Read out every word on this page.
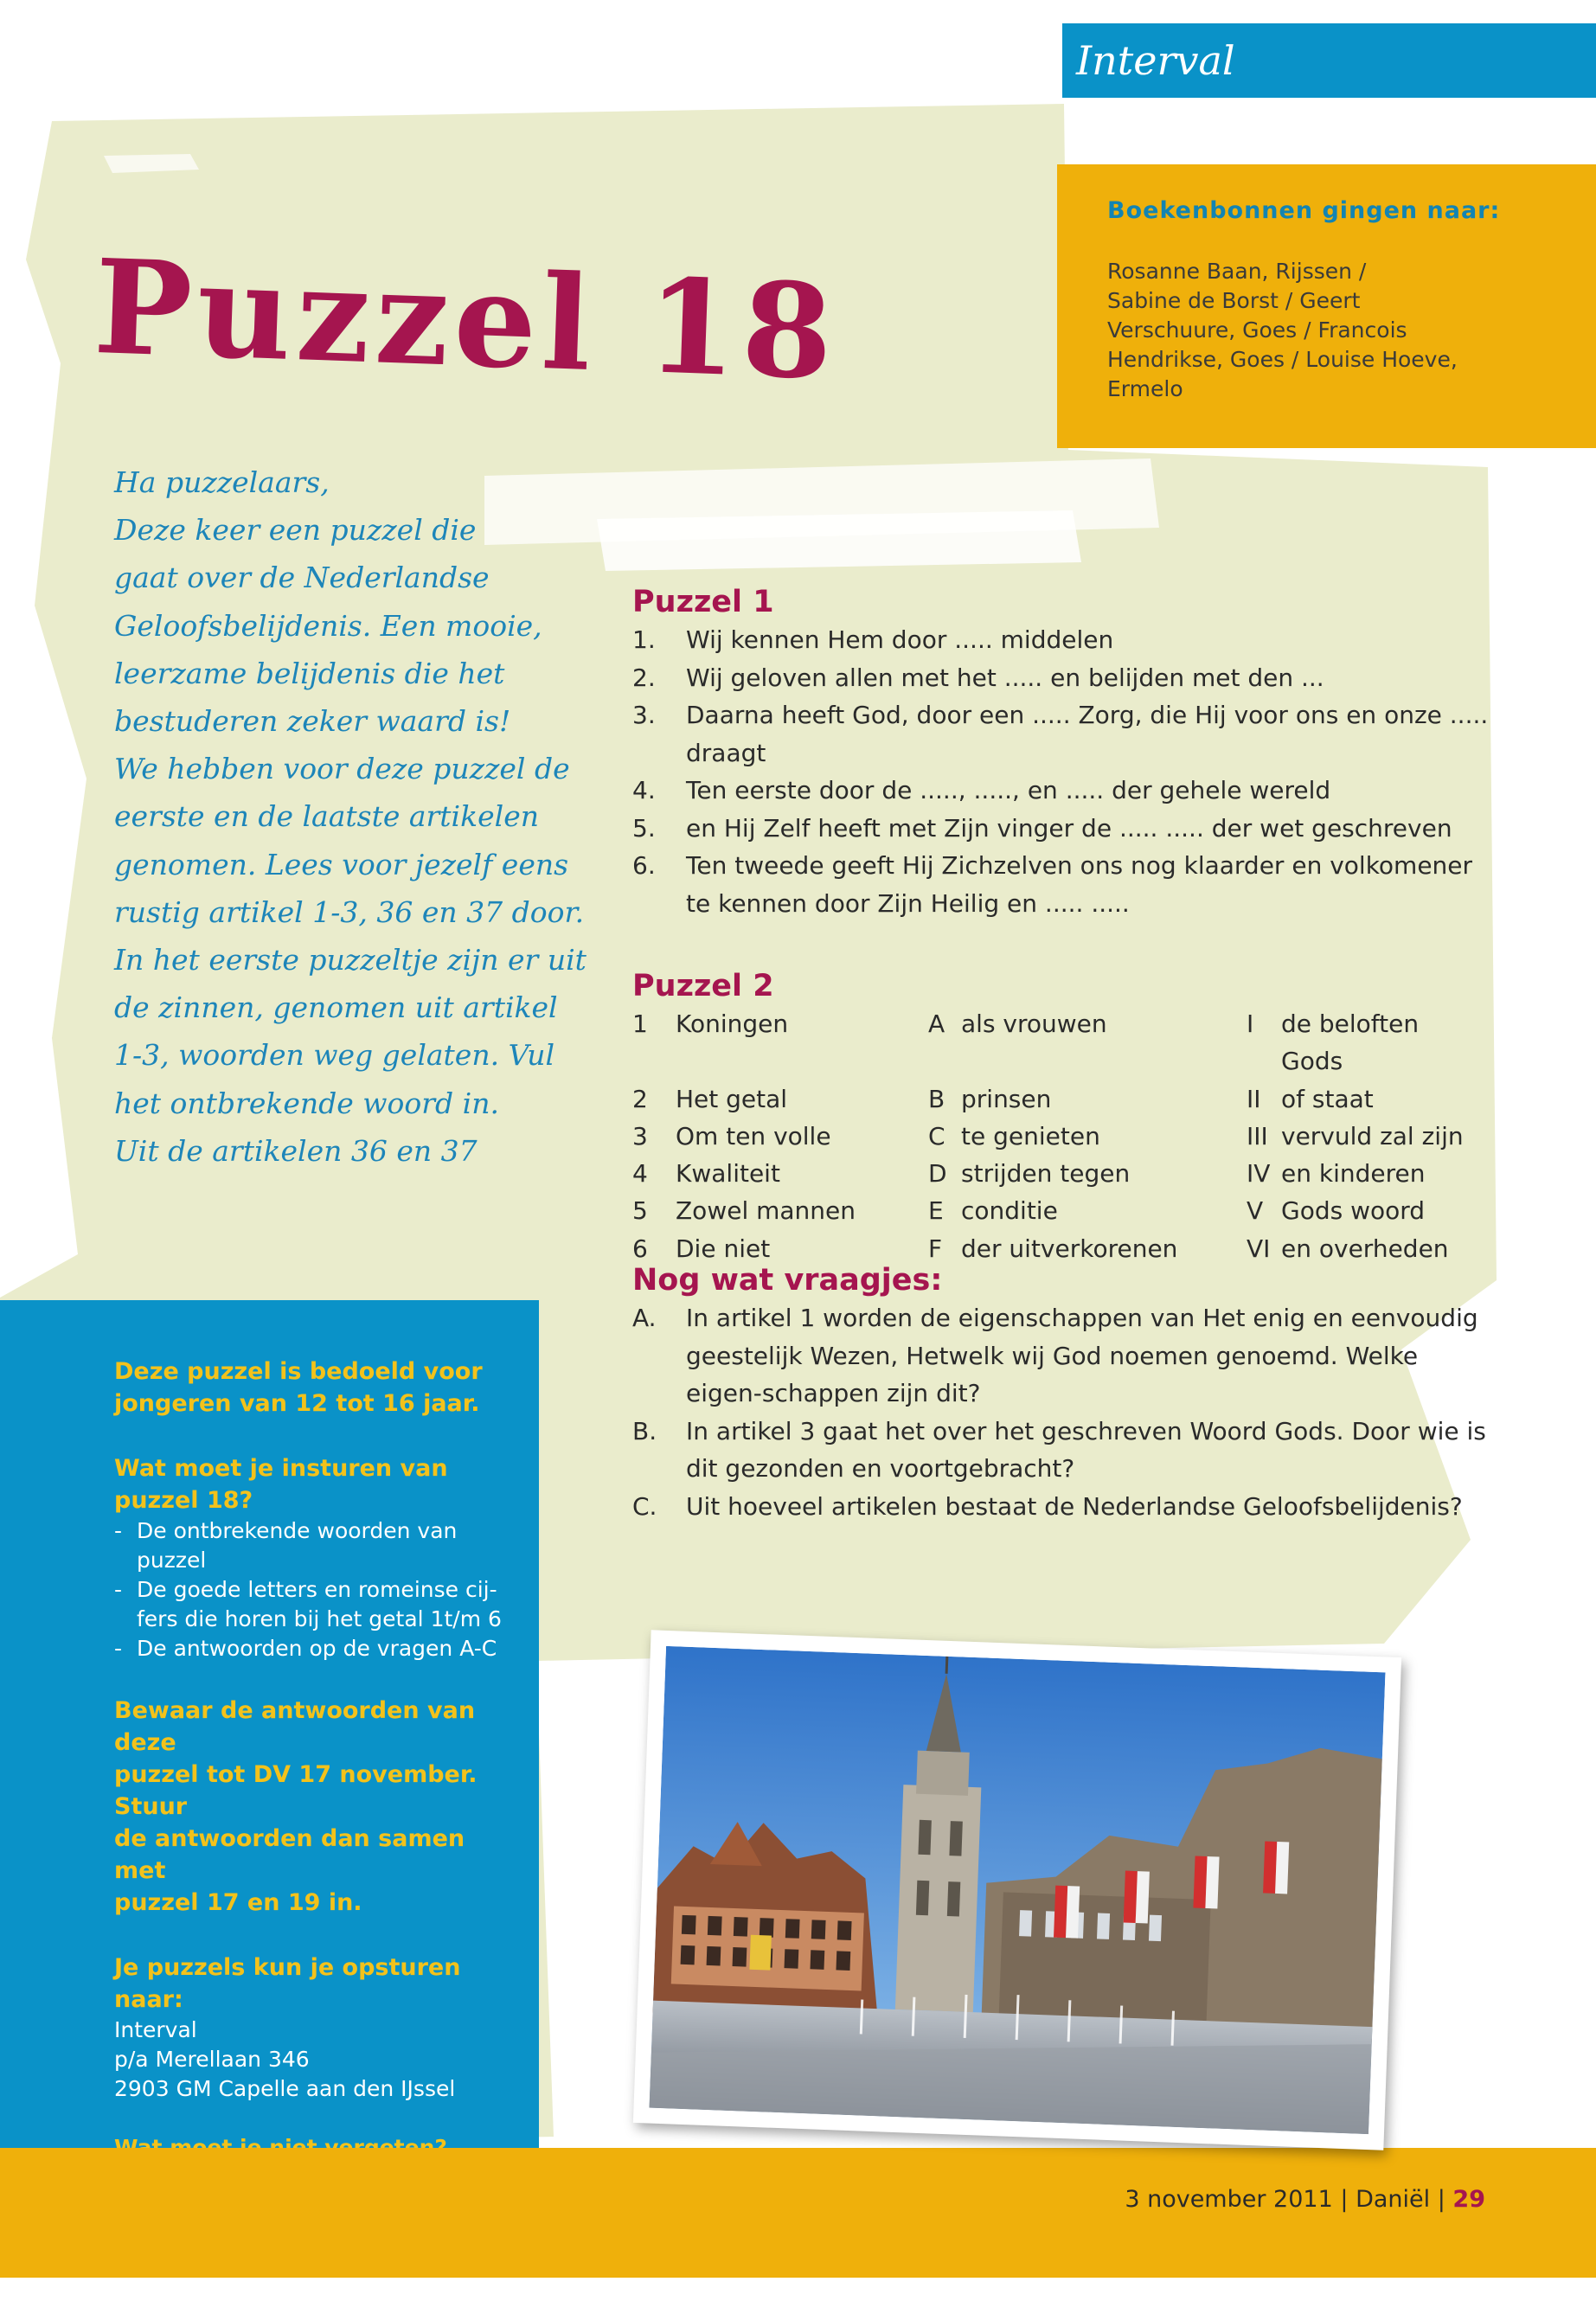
Interval
Boekenbonnen gingen naar:

Rosanne Baan, Rijssen /
Sabine de Borst / Geert
Verschuure, Goes / Francois
Hendrikse, Goes / Louise Hoeve,
Ermelo

Puzzel 18
Ha puzzelaars,
Deze keer een puzzel die
gaat over de Nederlandse
Geloofsbelijdenis. Een mooie,
leerzame belijdenis die het
bestuderen zeker waard is!
We hebben voor deze puzzel de
eerste en de laatste artikelen
genomen. Lees voor jezelf eens
rustig artikel 1-3, 36 en 37 door.
In het eerste puzzeltje zijn er uit
de zinnen, genomen uit artikel
1-3, woorden weg gelaten. Vul
het ontbrekende woord in.
Uit de artikelen 36 en 37
Puzzel 1
1. Wij kennen Hem door ..... middelen
2. Wij geloven allen met het ..... en belijden met den ...
3. Daarna heeft God, door een ..... Zorg, die Hij voor ons en onze ..... draagt
4. Ten eerste door de ....., ....., en ..... der gehele wereld
5. en Hij Zelf heeft met Zijn vinger de ..... ..... der wet geschreven
6. Ten tweede geeft Hij Zichzelven ons nog klaarder en volkomener te kennen door Zijn Heilig en ..... .....
Puzzel 2
1	Koningen	A als vrouwen	I	de beloften Gods
2	Het getal	B prinsen	II of staat
3	Om ten volle	C te genieten	III vervuld zal zijn
4	Kwaliteit	D strijden tegen	IV en kinderen
5	Zowel mannen	E conditie	V Gods woord
6	Die niet	F der uitverkorenen	VI en overheden
Nog wat vraagjes:
A. In artikel 1 worden de eigenschappen van Het enig en eenvoudig geestelijk Wezen, Hetwelk wij God noemen genoemd. Welke eigen-schappen zijn dit?
B. In artikel 3 gaat het over het geschreven Woord Gods. Door wie is dit gezonden en voortgebracht?
C. Uit hoeveel artikelen bestaat de Nederlandse Geloofsbelijdenis?
Deze puzzel is bedoeld voor
jongeren van 12 tot 16 jaar.
Wat moet je insturen van
puzzel 18?
- De ontbrekende woorden van
puzzel
- De goede letters en romeinse cij-
fers die horen bij het getal 1t/m 6
- De antwoorden op de vragen A-C
Bewaar de antwoorden van deze
puzzel tot DV 17 november. Stuur
de antwoorden dan samen met
puzzel 17 en 19 in.
Je puzzels kun je opsturen naar:
Interval
p/a Merellaan 346
2903 GM Capelle aan den IJssel
3 november 2011 | Daniël | 29
